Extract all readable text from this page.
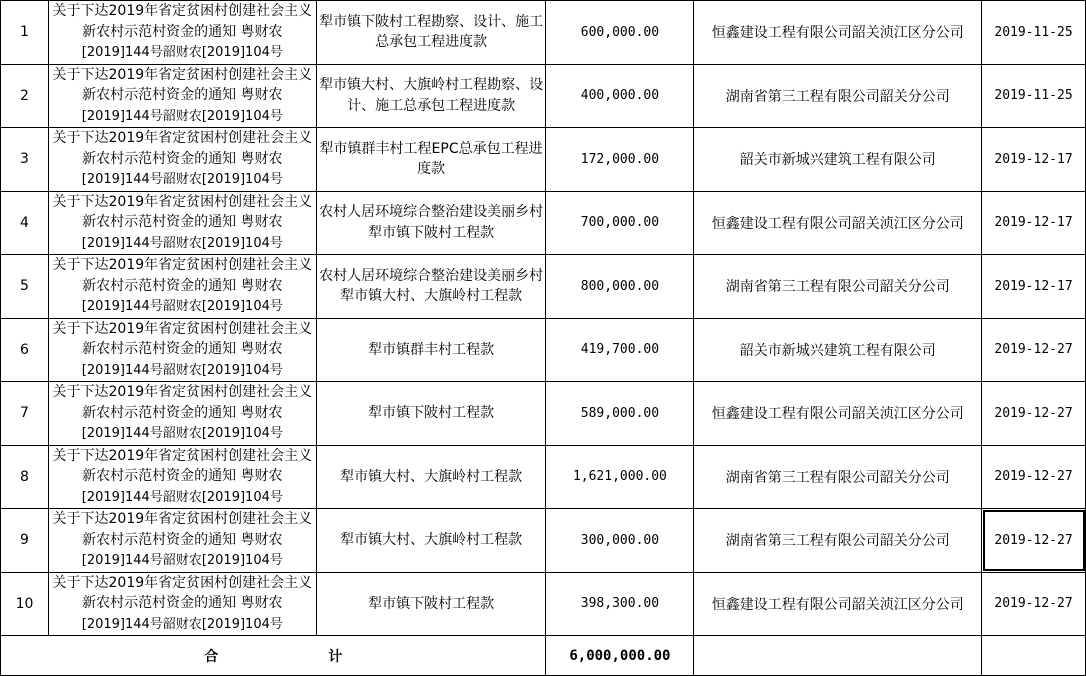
1	关于下达2019年省定贫困村创建社会主义新农村示范村资金的通知 粤财农
[2019]144号韶财农[2019]104号	犁市镇下陂村工程勘察、设计、施工总承包工程进度款	600,000.00	恒鑫建设工程有限公司韶关浈江区分公司	2019-11-25
2	关于下达2019年省定贫困村创建社会主义新农村示范村资金的通知 粤财农
[2019]144号韶财农[2019]104号	犁市镇大村、大旗岭村工程勘察、设计、施工总承包工程进度款	400,000.00	湖南省第三工程有限公司韶关分公司	2019-11-25
3	关于下达2019年省定贫困村创建社会主义新农村示范村资金的通知 粤财农
[2019]144号韶财农[2019]104号	犁市镇群丰村工程EPC总承包工程进度款	172,000.00	韶关市新城兴建筑工程有限公司	2019-12-17
4	关于下达2019年省定贫困村创建社会主义新农村示范村资金的通知 粤财农
[2019]144号韶财农[2019]104号	农村人居环境综合整治建设美丽乡村犁市镇下陂村工程款	700,000.00	恒鑫建设工程有限公司韶关浈江区分公司	2019-12-17
5	关于下达2019年省定贫困村创建社会主义新农村示范村资金的通知 粤财农
[2019]144号韶财农[2019]104号	农村人居环境综合整治建设美丽乡村犁市镇大村、大旗岭村工程款	800,000.00	湖南省第三工程有限公司韶关分公司	2019-12-17
6	关于下达2019年省定贫困村创建社会主义新农村示范村资金的通知 粤财农
[2019]144号韶财农[2019]104号	犁市镇群丰村工程款	419,700.00	韶关市新城兴建筑工程有限公司	2019-12-27
7	关于下达2019年省定贫困村创建社会主义新农村示范村资金的通知 粤财农
[2019]144号韶财农[2019]104号	犁市镇下陂村工程款	589,000.00	恒鑫建设工程有限公司韶关浈江区分公司	2019-12-27
8	关于下达2019年省定贫困村创建社会主义新农村示范村资金的通知 粤财农
[2019]144号韶财农[2019]104号	犁市镇大村、大旗岭村工程款	1,621,000.00	湖南省第三工程有限公司韶关分公司	2019-12-27
9	关于下达2019年省定贫困村创建社会主义新农村示范村资金的通知 粤财农
[2019]144号韶财农[2019]104号	犁市镇大村、大旗岭村工程款	300,000.00	湖南省第三工程有限公司韶关分公司	2019-12-27
10	关于下达2019年省定贫困村创建社会主义新农村示范村资金的通知 粤财农
[2019]144号韶财农[2019]104号	犁市镇下陂村工程款	398,300.00	恒鑫建设工程有限公司韶关浈江区分公司	2019-12-27
合 计			6,000,000.00		
